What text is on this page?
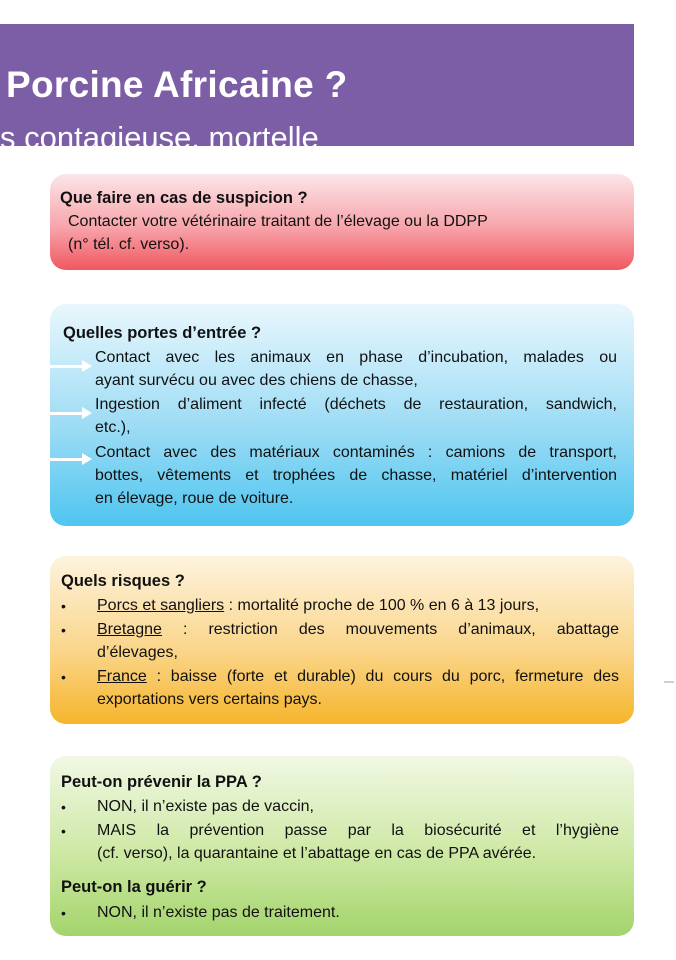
Porcine Africaine ?
s contagieuse, mortelle
Que faire en cas de suspicion ?
Contacter votre vétérinaire traitant de l’élevage ou la DDPP
(n° tél. cf. verso).
Quelles portes d’entrée ?
Contact avec les animaux en phase d’incubation, malades ou
ayant survécu ou avec des chiens de chasse,
Ingestion d’aliment infecté (déchets de restauration, sandwich,
etc.),
Contact avec des matériaux contaminés : camions de transport,
bottes, vêtements et trophées de chasse, matériel d’intervention
en élevage, roue de voiture.
Quels risques ?
• Porcs et sangliers : mortalité proche de 100 % en 6 à 13 jours,
• Bretagne : restriction des mouvements d’animaux, abattage
d’élevages,
• France : baisse (forte et durable) du cours du porc, fermeture des
exportations vers certains pays.
Peut-on prévenir la PPA ?
• NON, il n’existe pas de vaccin,
• MAIS la prévention passe par la biosécurité et l’hygiène
(cf. verso), la quarantaine et l’abattage en cas de PPA avérée.
Peut-on la guérir ?
• NON, il n’existe pas de traitement.
